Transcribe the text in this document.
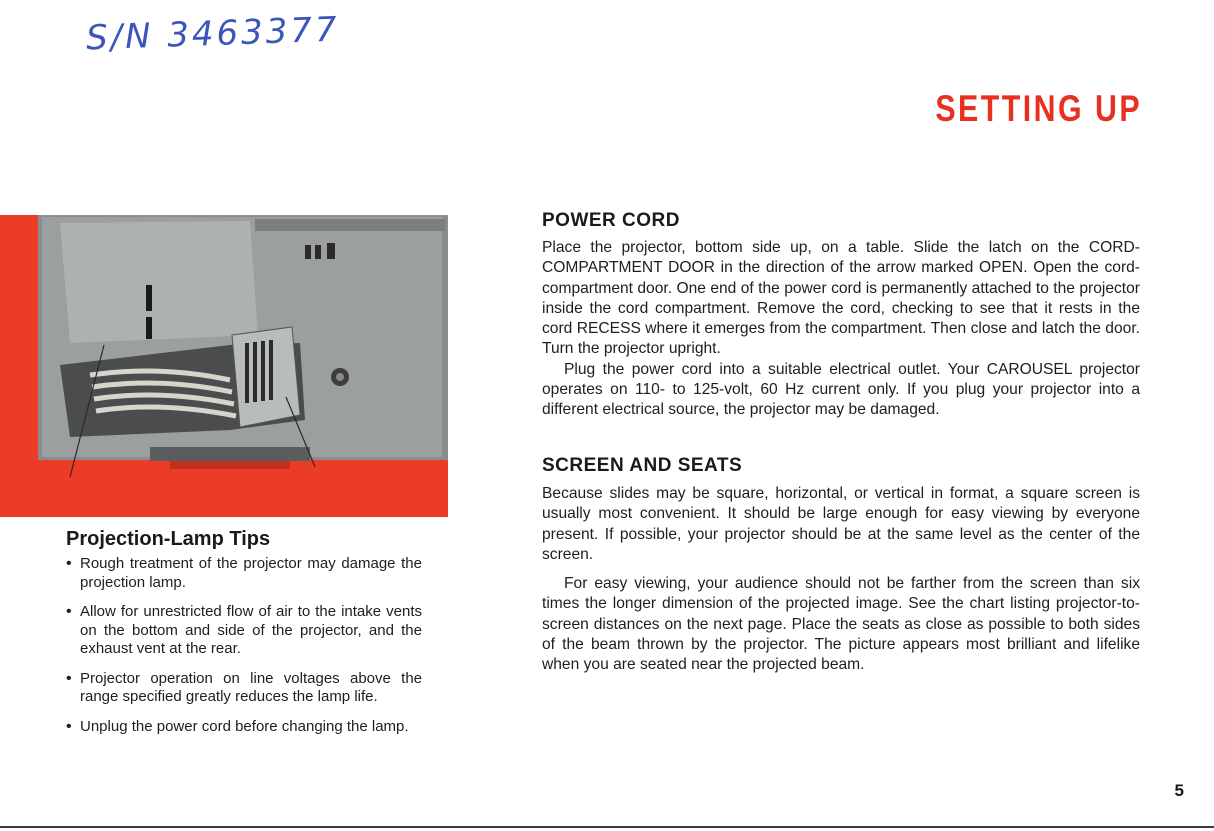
S/N 3463377
SETTING UP
Projection-Lamp Tips
• Rough treatment of the projector may damage the projection lamp.
• Allow for unrestricted flow of air to the intake vents on the bottom and side of the projector, and the exhaust vent at the rear.
• Projector operation on line voltages above the range specified greatly reduces the lamp life.
• Unplug the power cord before changing the lamp.
POWER CORD

Place the projector, bottom side up, on a table. Slide the latch on the CORD-COMPARTMENT DOOR in the direction of the arrow marked OPEN. Open the cord-compartment door. One end of the power cord is permanently attached to the projector inside the cord compartment. Remove the cord, checking to see that it rests in the cord RECESS where it emerges from the compartment. Then close and latch the door. Turn the projector upright.

Plug the power cord into a suitable electrical outlet. Your CAROUSEL projector operates on 110- to 125-volt, 60 Hz current only. If you plug your projector into a different electrical source, the projector may be damaged.

SCREEN AND SEATS

Because slides may be square, horizontal, or vertical in format, a square screen is usually most convenient. It should be large enough for easy viewing by everyone present. If possible, your projector should be at the same level as the center of the screen.

For easy viewing, your audience should not be farther from the screen than six times the longer dimension of the projected image. See the chart listing projector-to-screen distances on the next page. Place the seats as close as possible to both sides of the beam thrown by the projector. The picture appears most brilliant and lifelike when you are seated near the projected beam.

5
